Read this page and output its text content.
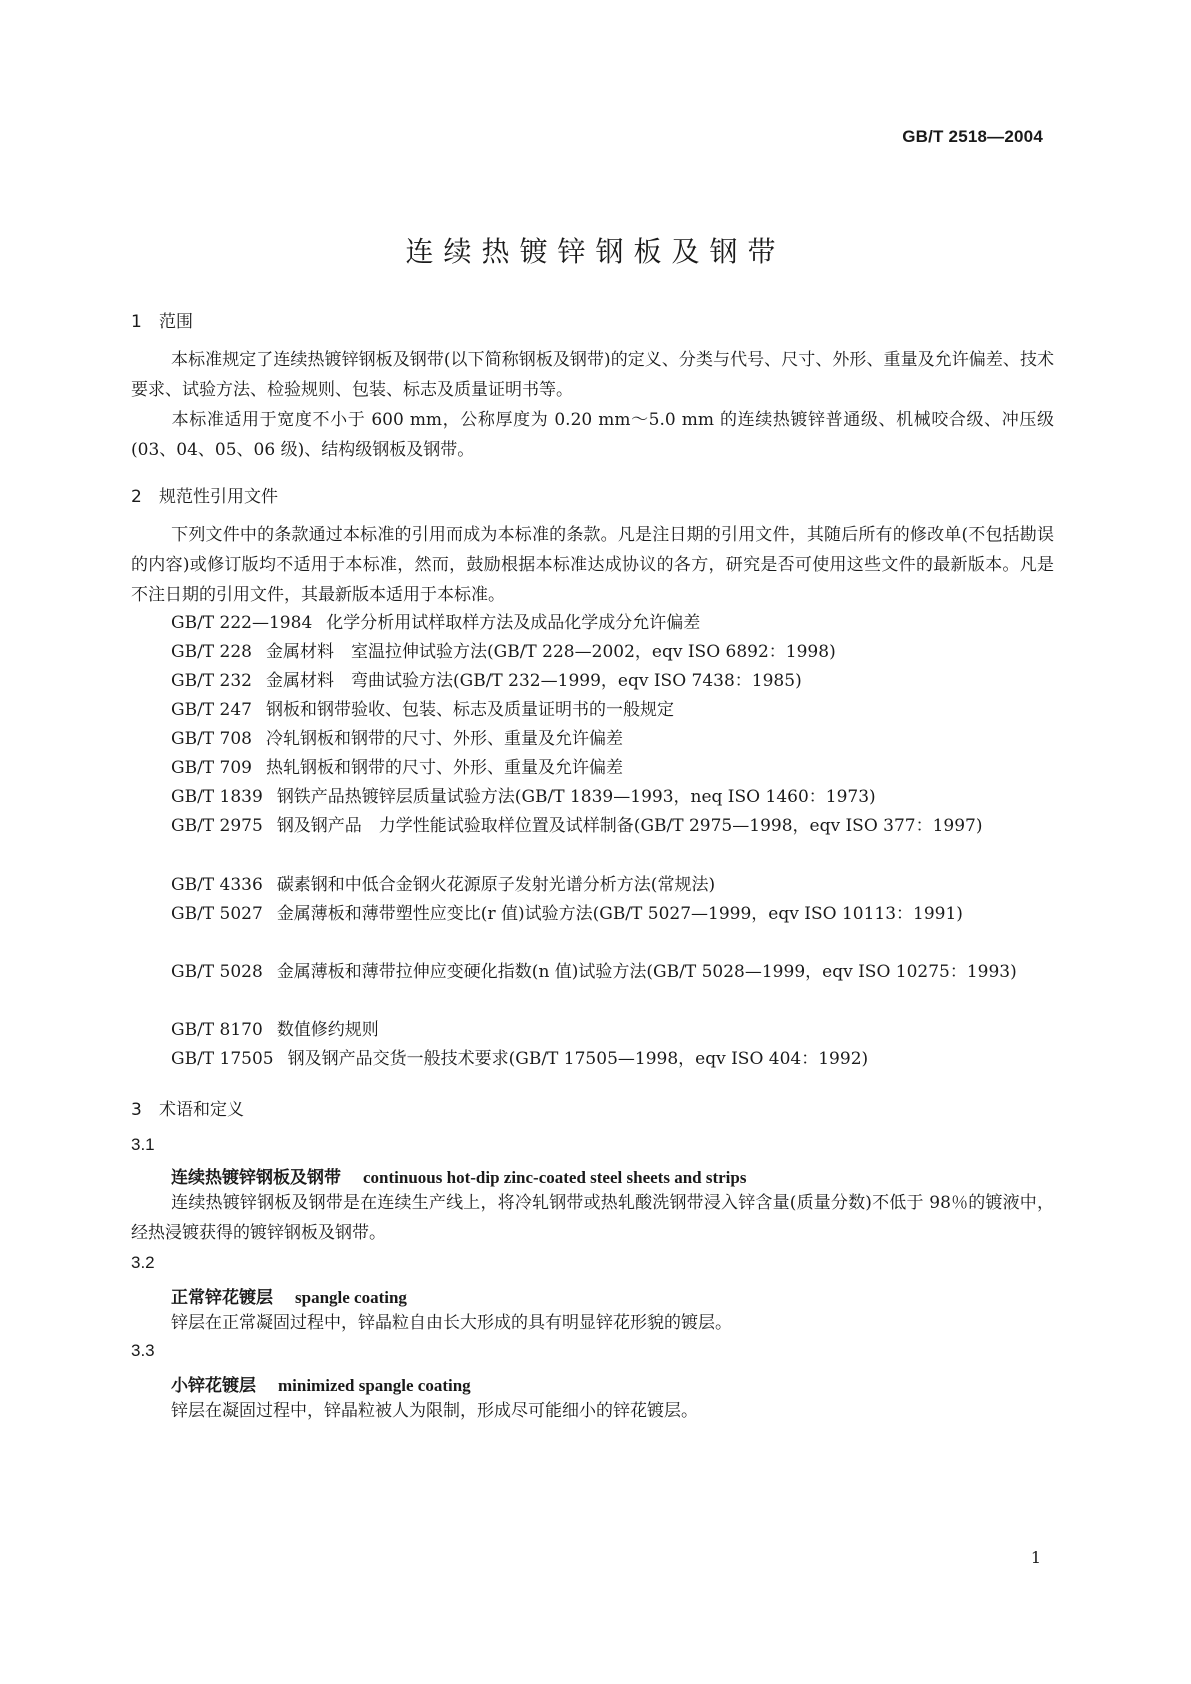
GB/T 2518—2004
连续热镀锌钢板及钢带
1 范围

本标准规定了连续热镀锌钢板及钢带(以下简称钢板及钢带)的定义、分类与代号、尺寸、外形、重量及允许偏差、技术要求、试验方法、检验规则、包装、标志及质量证明书等。

本标准适用于宽度不小于 600 mm，公称厚度为 0.20 mm～5.0 mm 的连续热镀锌普通级、机械咬合级、冲压级(03、04、05、06 级)、结构级钢板及钢带。

2 规范性引用文件

下列文件中的条款通过本标准的引用而成为本标准的条款。凡是注日期的引用文件，其随后所有的修改单(不包括勘误的内容)或修订版均不适用于本标准，然而，鼓励根据本标准达成协议的各方，研究是否可使用这些文件的最新版本。凡是不注日期的引用文件，其最新版本适用于本标准。

GB/T 222—1984 化学分析用试样取样方法及成品化学成分允许偏差

GB/T 228 金属材料　室温拉伸试验方法(GB/T 228—2002，eqv ISO 6892：1998)

GB/T 232 金属材料　弯曲试验方法(GB/T 232—1999，eqv ISO 7438：1985)

GB/T 247 钢板和钢带验收、包装、标志及质量证明书的一般规定

GB/T 708 冷轧钢板和钢带的尺寸、外形、重量及允许偏差

GB/T 709 热轧钢板和钢带的尺寸、外形、重量及允许偏差

GB/T 1839 钢铁产品热镀锌层质量试验方法(GB/T 1839—1993，neq ISO 1460：1973)

GB/T 2975 钢及钢产品　力学性能试验取样位置及试样制备(GB/T 2975—1998，eqv ISO 377：1997)

GB/T 4336 碳素钢和中低合金钢火花源原子发射光谱分析方法(常规法)

GB/T 5027 金属薄板和薄带塑性应变比(r 值)试验方法(GB/T 5027—1999，eqv ISO 10113：1991)

GB/T 5028 金属薄板和薄带拉伸应变硬化指数(n 值)试验方法(GB/T 5028—1999，eqv ISO 10275：1993)

GB/T 8170 数值修约规则

GB/T 17505 钢及钢产品交货一般技术要求(GB/T 17505—1998，eqv ISO 404：1992)

3 术语和定义
3.1
连续热镀锌钢板及钢带 continuous hot-dip zinc-coated steel sheets and strips

连续热镀锌钢板及钢带是在连续生产线上，将冷轧钢带或热轧酸洗钢带浸入锌含量(质量分数)不低于 98％的镀液中，经热浸镀获得的镀锌钢板及钢带。

3.2
正常锌花镀层 spangle coating

锌层在正常凝固过程中，锌晶粒自由长大形成的具有明显锌花形貌的镀层。

3.3
小锌花镀层 minimized spangle coating

锌层在凝固过程中，锌晶粒被人为限制，形成尽可能细小的锌花镀层。

1
